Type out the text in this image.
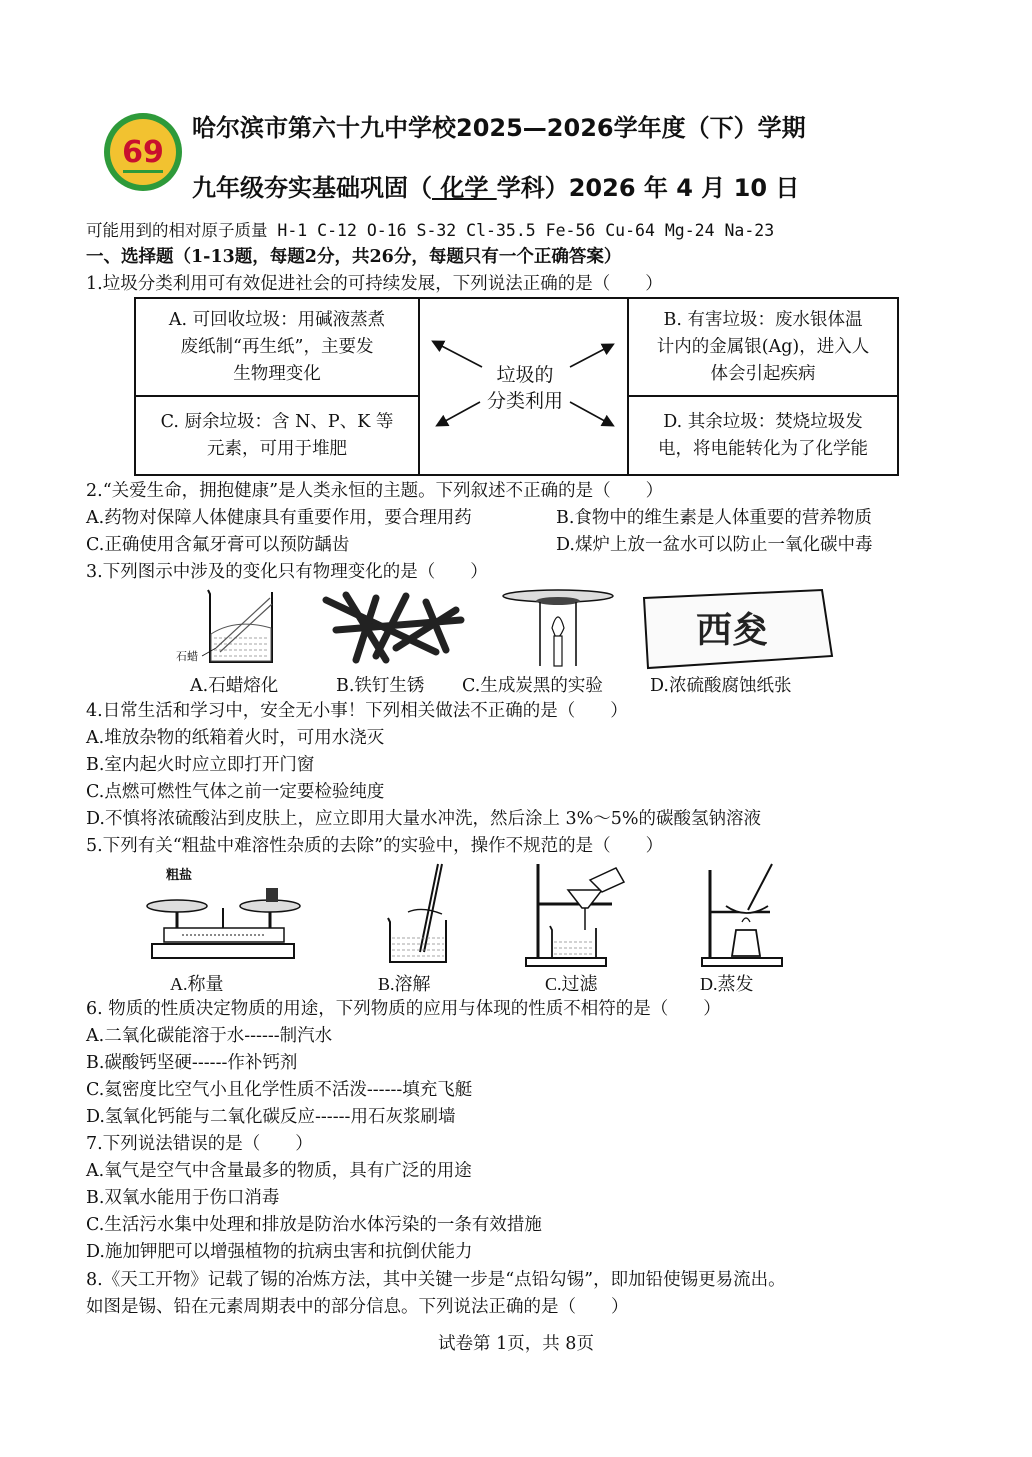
69
哈尔滨市第六十九中学校2025—2026学年度（下）学期
九年级夯实基础巩固（ 化学 学科）2026 年 4 月 10 日
可能用到的相对原子质量 H-1 C-12 O-16 S-32 Cl-35.5 Fe-56 Cu-64 Mg-24 Na-23
一、选择题（1-13题，每题2分，共26分，每题只有一个正确答案）
1.垃圾分类利用可有效促进社会的可持续发展，下列说法正确的是（　　）
A. 可回收垃圾：用碱液蒸煮
废纸制“再生纸”，主要发
生物理变化
B. 有害垃圾：废水银体温
计内的金属银(Ag)，进入人
体会引起疾病
C. 厨余垃圾：含 N、P、K 等
元素，可用于堆肥
D. 其余垃圾：焚烧垃圾发
电，将电能转化为了化学能
垃圾的
分类利用
2.“关爱生命，拥抱健康”是人类永恒的主题。下列叙述不正确的是（　　）
A.药物对保障人体健康具有重要作用，要合理用药	B.食物中的维生素是人体重要的营养物质
C.正确使用含氟牙膏可以预防龋齿	D.煤炉上放一盆水可以防止一氧化碳中毒
3.下列图示中涉及的变化只有物理变化的是（　　）
石蜡
西夋
A.石蜡熔化	B.铁钉生锈 C.生成炭黑的实验	D.浓硫酸腐蚀纸张
4.日常生活和学习中，安全无小事！下列相关做法不正确的是（　　）
A.堆放杂物的纸箱着火时，可用水浇灭
B.室内起火时应立即打开门窗
C.点燃可燃性气体之前一定要检验纯度
D.不慎将浓硫酸沾到皮肤上，应立即用大量水冲洗，然后涂上 3%～5%的碳酸氢钠溶液
5.下列有关“粗盐中难溶性杂质的去除”的实验中，操作不规范的是（　　）
粗盐
A.称量	B.溶解	C.过滤	D.蒸发
6. 物质的性质决定物质的用途，下列物质的应用与体现的性质不相符的是（　　）
A.二氧化碳能溶于水------制汽水
B.碳酸钙坚硬------作补钙剂
C.氦密度比空气小且化学性质不活泼------填充飞艇
D.氢氧化钙能与二氧化碳反应------用石灰浆刷墙
7.下列说法错误的是（　　）
A.氧气是空气中含量最多的物质，具有广泛的用途
B.双氧水能用于伤口消毒
C.生活污水集中处理和排放是防治水体污染的一条有效措施
D.施加钾肥可以增强植物的抗病虫害和抗倒伏能力
8.《天工开物》记载了锡的冶炼方法，其中关键一步是“点铅勾锡”，即加铅使锡更易流出。
如图是锡、铅在元素周期表中的部分信息。下列说法正确的是（　　）
试卷第 1页，共 8页
